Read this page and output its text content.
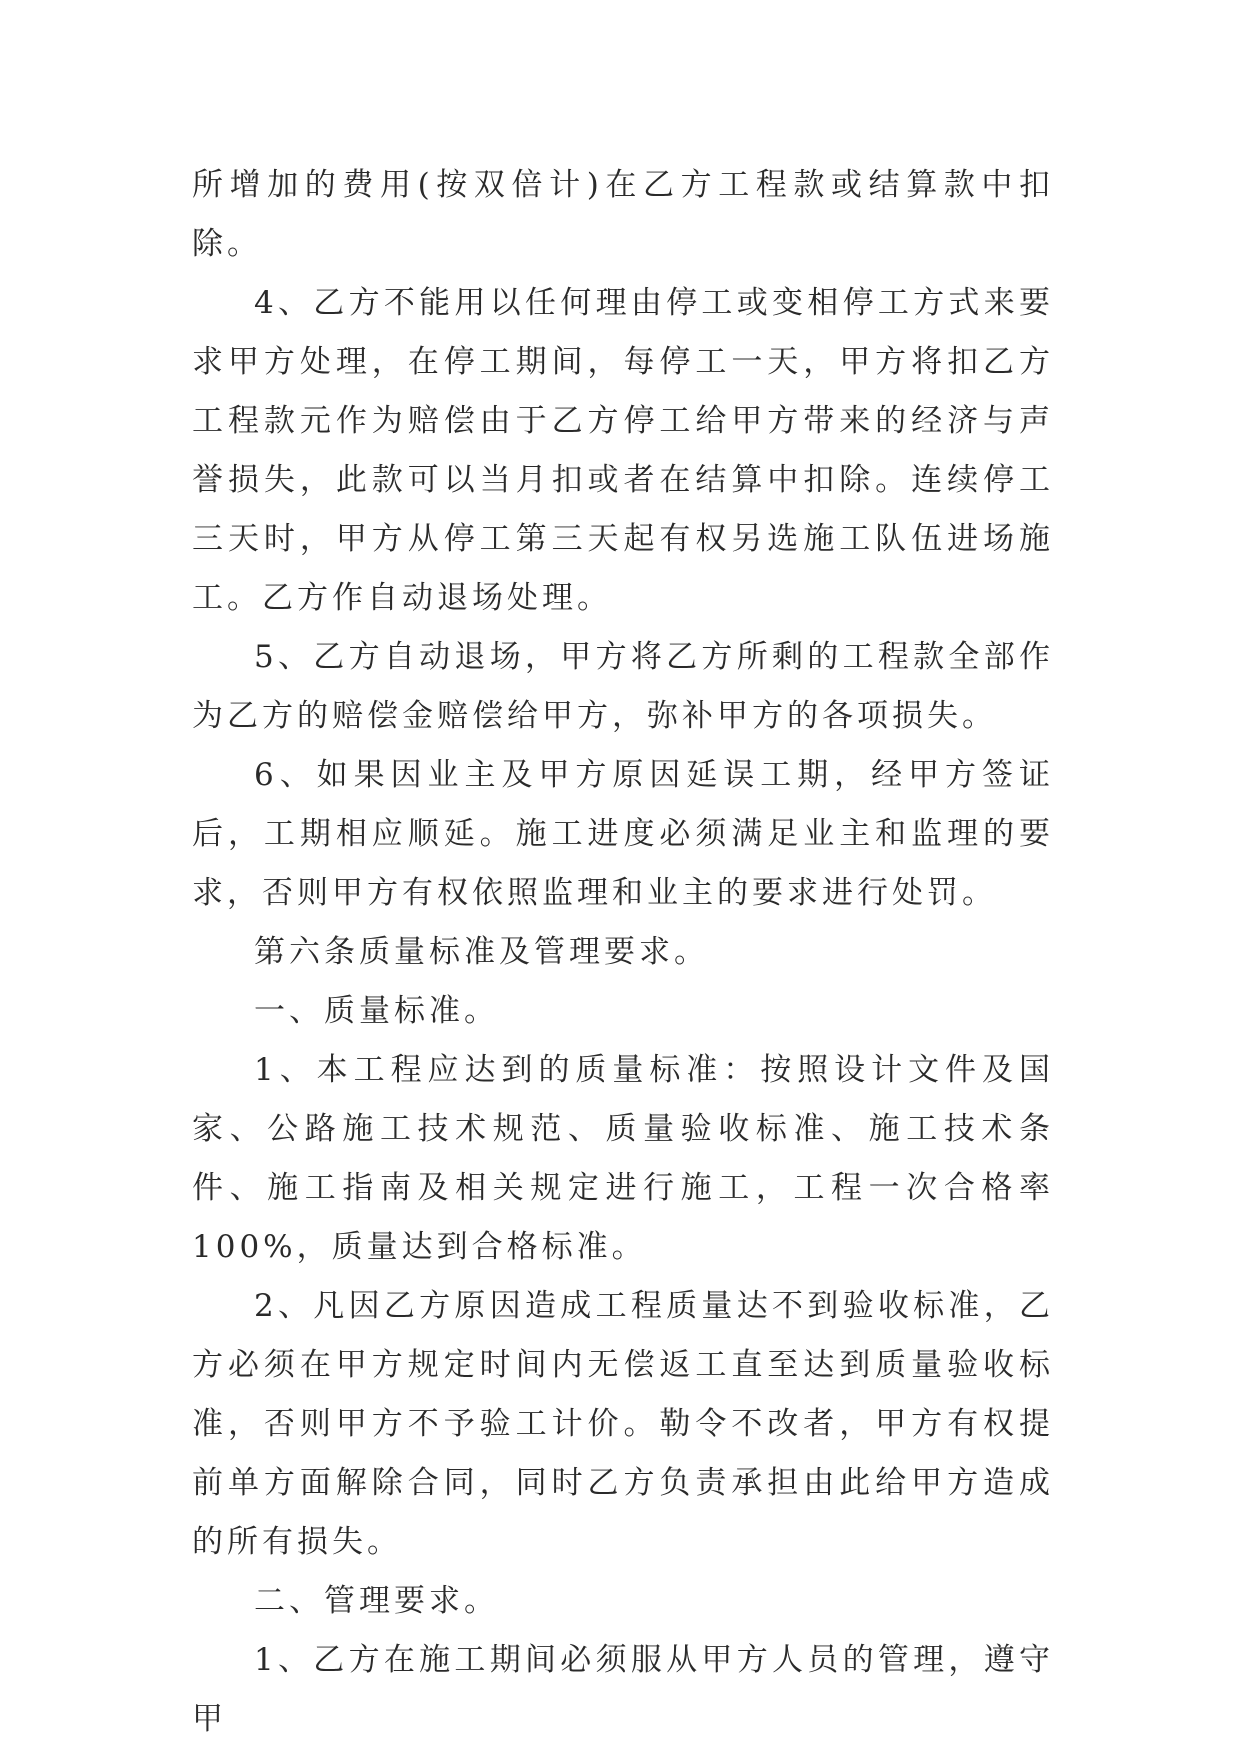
所增加的费用(按双倍计)在乙方工程款或结算款中扣除。

4、乙方不能用以任何理由停工或变相停工方式来要求甲方处理，在停工期间，每停工一天，甲方将扣乙方工程款元作为赔偿由于乙方停工给甲方带来的经济与声誉损失，此款可以当月扣或者在结算中扣除。连续停工三天时，甲方从停工第三天起有权另选施工队伍进场施工。乙方作自动退场处理。

5、乙方自动退场，甲方将乙方所剩的工程款全部作为乙方的赔偿金赔偿给甲方，弥补甲方的各项损失。

6、如果因业主及甲方原因延误工期，经甲方签证后，工期相应顺延。施工进度必须满足业主和监理的要求，否则甲方有权依照监理和业主的要求进行处罚。

第六条质量标准及管理要求。

一、质量标准。

1、本工程应达到的质量标准：按照设计文件及国家、公路施工技术规范、质量验收标准、施工技术条件、施工指南及相关规定进行施工，工程一次合格率100%，质量达到合格标准。

2、凡因乙方原因造成工程质量达不到验收标准，乙方必须在甲方规定时间内无偿返工直至达到质量验收标准，否则甲方不予验工计价。勒令不改者，甲方有权提前单方面解除合同，同时乙方负责承担由此给甲方造成的所有损失。

二、管理要求。

1、乙方在施工期间必须服从甲方人员的管理，遵守甲
